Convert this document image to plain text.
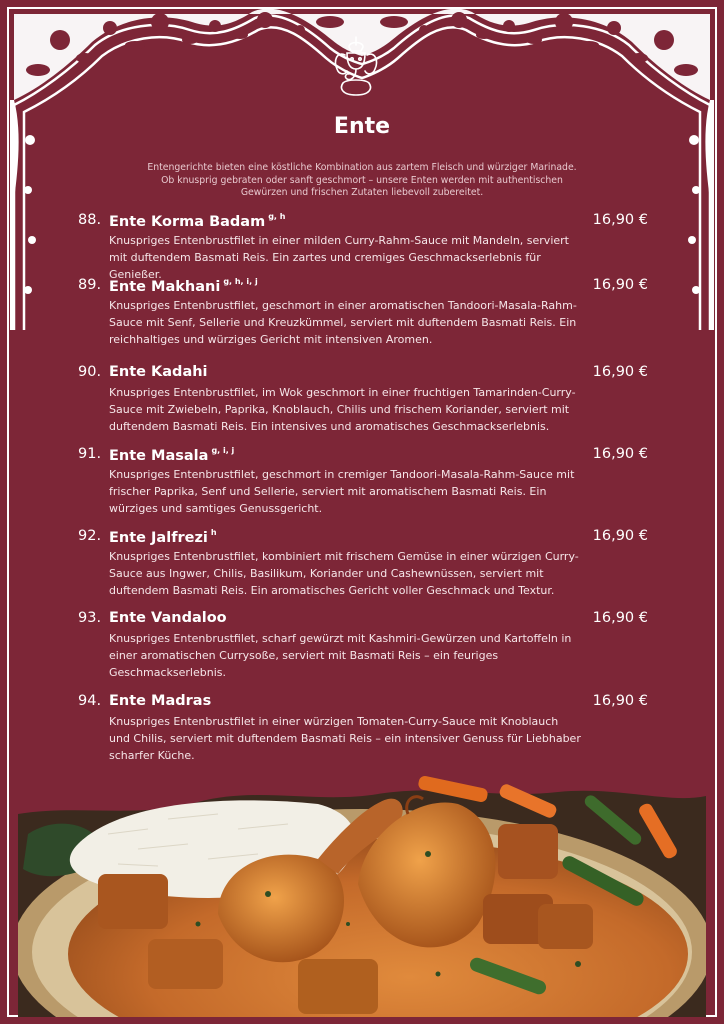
Ente
Entengerichte bieten eine köstliche Kombination aus zartem Fleisch und würziger Marinade. Ob knusprig gebraten oder sanft geschmort – unsere Enten werden mit authentischen Gewürzen und frischen Zutaten liebevoll zubereitet.
88. Ente Korma Badam $^{g, h}$	16,90 €
Knuspriges Entenbrustfilet in einer milden Curry-Rahm-Sauce mit Mandeln, serviert mit duftendem Basmati Reis. Ein zartes und cremiges Geschmackserlebnis für Genießer.
89. Ente Makhani $^{g, h, i, j}$	16,90 €
Knuspriges Entenbrustfilet, geschmort in einer aromatischen Tandoori-Masala-Rahm-Sauce mit Senf, Sellerie und Kreuzkümmel, serviert mit duftendem Basmati Reis. Ein reichhaltiges und würziges Gericht mit intensiven Aromen.
90. Ente Kadahi	16,90 €
Knuspriges Entenbrustfilet, im Wok geschmort in einer fruchtigen Tamarinden-Curry-Sauce mit Zwiebeln, Paprika, Knoblauch, Chilis und frischem Koriander, serviert mit duftendem Basmati Reis. Ein intensives und aromatisches Geschmackserlebnis.
91. Ente Masala $^{g, i, j}$	16,90 €
Knuspriges Entenbrustfilet, geschmort in cremiger Tandoori-Masala-Rahm-Sauce mit frischer Paprika, Senf und Sellerie, serviert mit aromatischem Basmati Reis. Ein würziges und samtiges Genussgericht.
92. Ente Jalfrezi $^h$	16,90 €
Knuspriges Entenbrustfilet, kombiniert mit frischem Gemüse in einer würzigen Curry-Sauce aus Ingwer, Chilis, Basilikum, Koriander und Cashewnüssen, serviert mit duftendem Basmati Reis. Ein aromatisches Gericht voller Geschmack und Textur.
93. Ente Vandaloo	16,90 €
Knuspriges Entenbrustfilet, scharf gewürzt mit Kashmiri-Gewürzen und Kartoffeln in einer aromatischen Currysoße, serviert mit Basmati Reis – ein feuriges Geschmackserlebnis.
94. Ente Madras	16,90 €
Knuspriges Entenbrustfilet in einer würzigen Tomaten-Curry-Sauce mit Knoblauch und Chilis, serviert mit duftendem Basmati Reis – ein intensiver Genuss für Liebhaber scharfer Küche.
